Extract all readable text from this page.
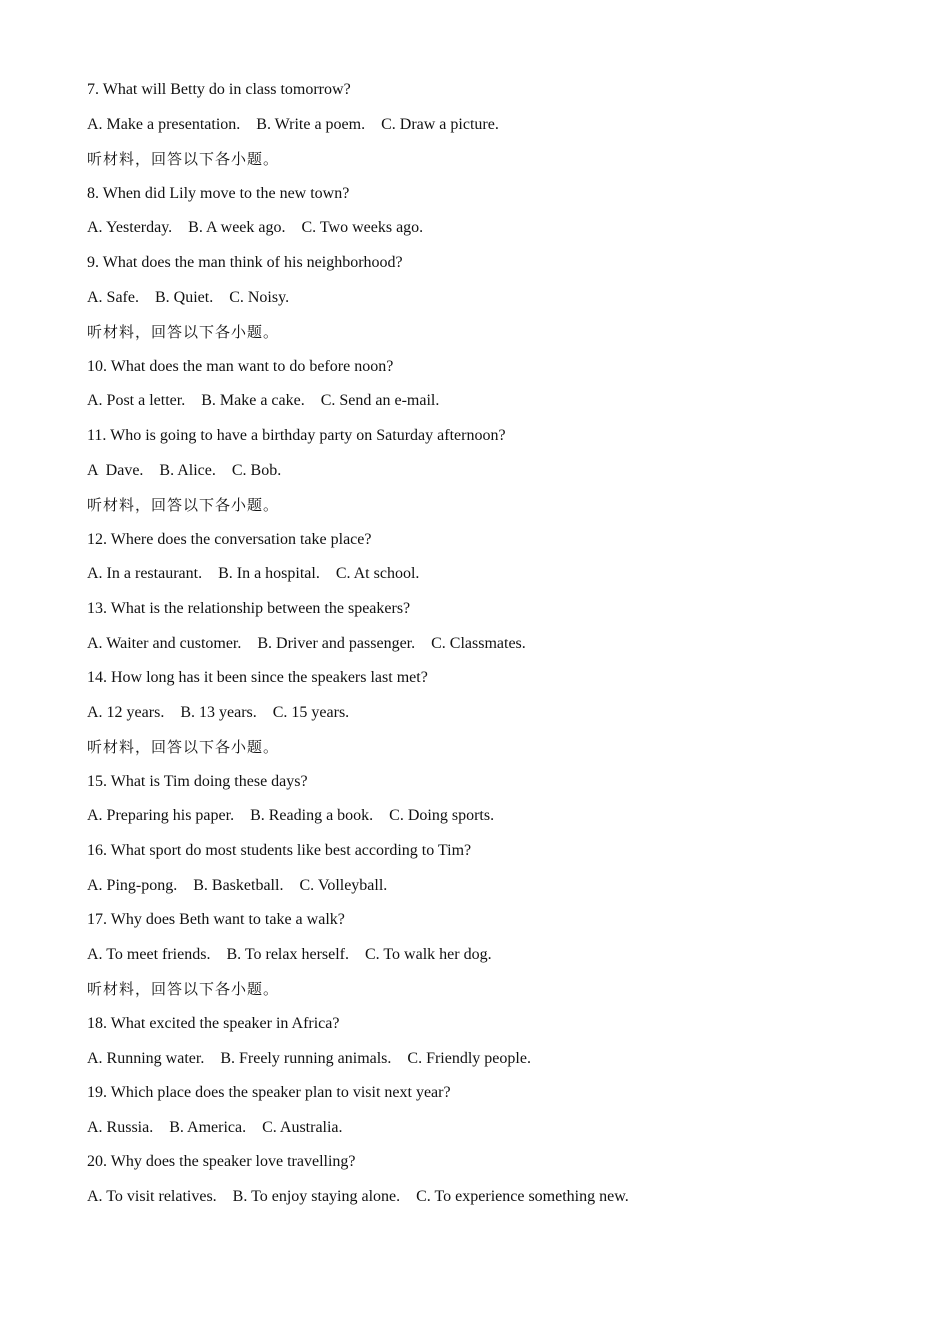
7. What will Betty do in class tomorrow?
A. Make a presentation.    B. Write a poem.    C. Draw a picture.
听材料，回答以下各小题。
8. When did Lily move to the new town?
A. Yesterday.    B. A week ago.    C. Two weeks ago.
9. What does the man think of his neighborhood?
A. Safe.    B. Quiet.    C. Noisy.
听材料，回答以下各小题。
10. What does the man want to do before noon?
A. Post a letter.    B. Make a cake.    C. Send an e-mail.
11. Who is going to have a birthday party on Saturday afternoon?
A  Dave.    B. Alice.    C. Bob.
听材料，回答以下各小题。
12. Where does the conversation take place?
A. In a restaurant.    B. In a hospital.    C. At school.
13. What is the relationship between the speakers?
A. Waiter and customer.    B. Driver and passenger.    C. Classmates.
14. How long has it been since the speakers last met?
A. 12 years.    B. 13 years.    C. 15 years.
听材料，回答以下各小题。
15. What is Tim doing these days?
A. Preparing his paper.    B. Reading a book.    C. Doing sports.
16. What sport do most students like best according to Tim?
A. Ping-pong.    B. Basketball.    C. Volleyball.
17. Why does Beth want to take a walk?
A. To meet friends.    B. To relax herself.    C. To walk her dog.
听材料，回答以下各小题。
18. What excited the speaker in Africa?
A. Running water.    B. Freely running animals.    C. Friendly people.
19. Which place does the speaker plan to visit next year?
A. Russia.    B. America.    C. Australia.
20. Why does the speaker love travelling?
A. To visit relatives.    B. To enjoy staying alone.    C. To experience something new.
